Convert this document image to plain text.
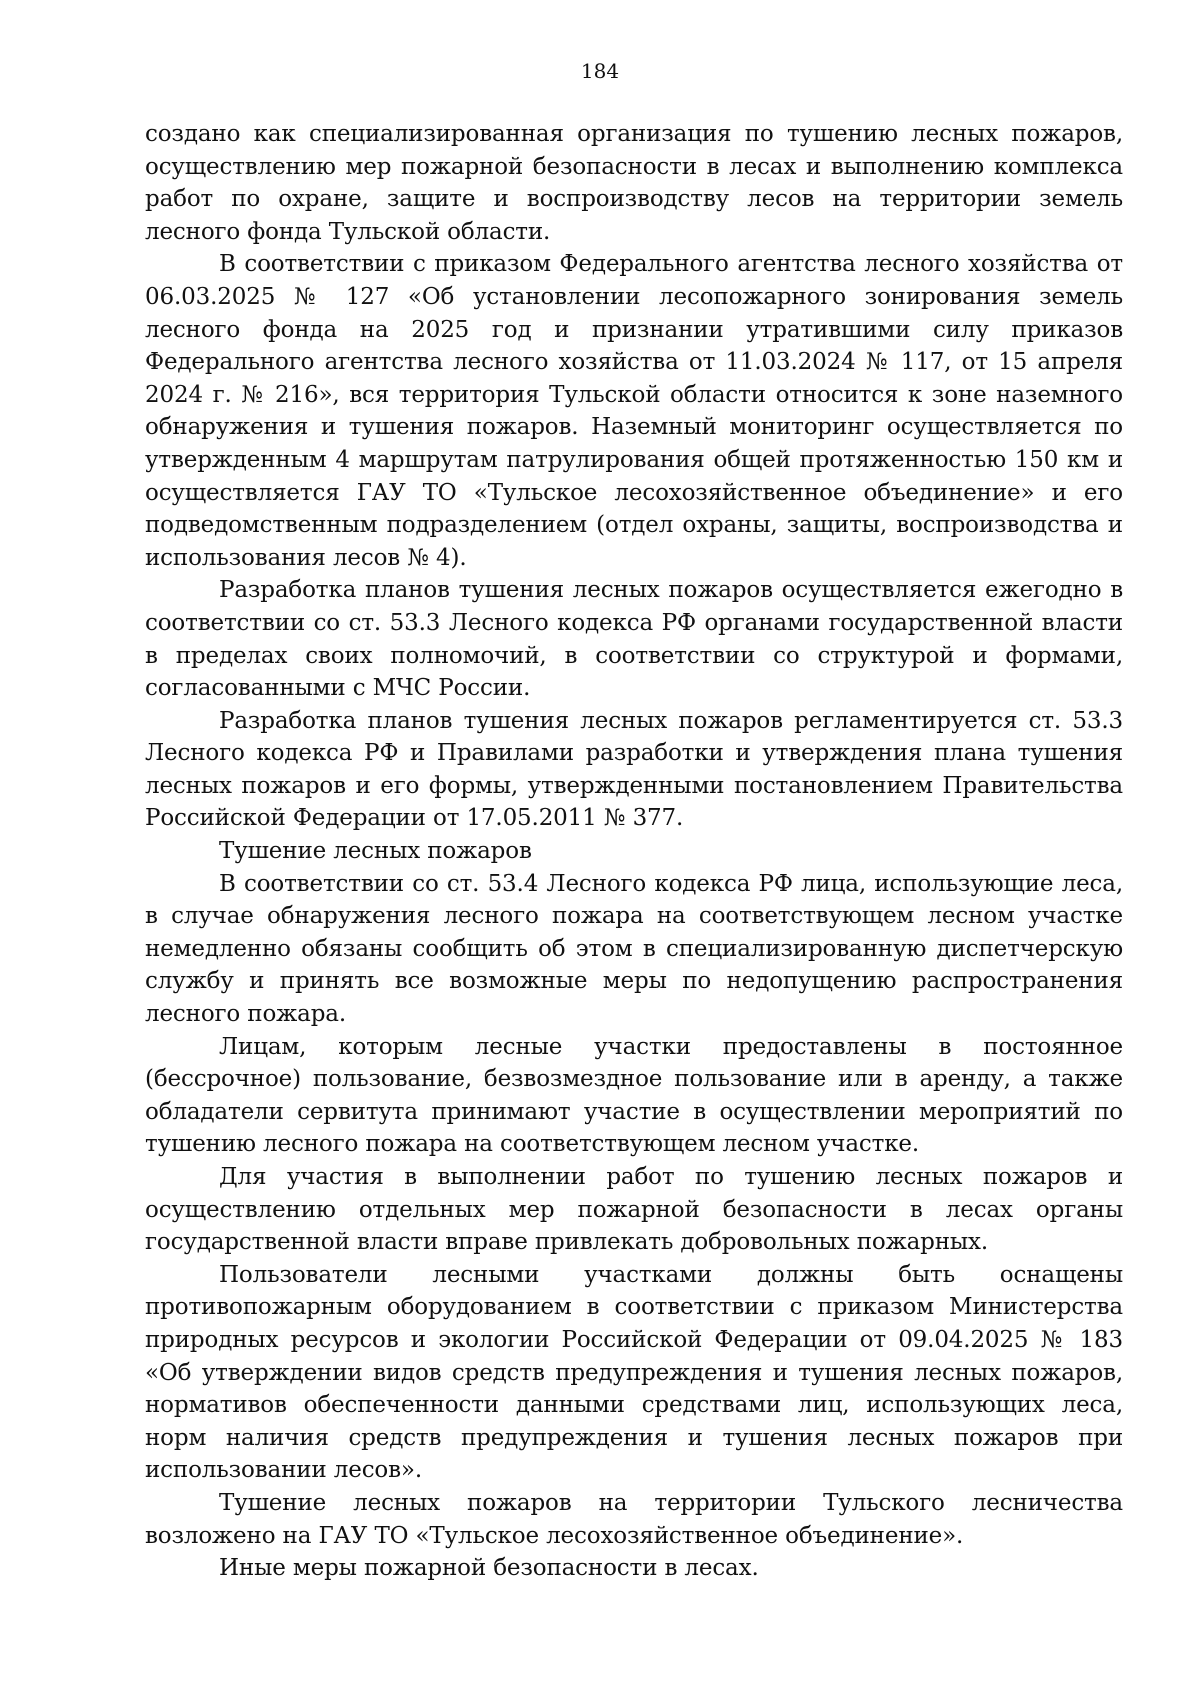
184

создано как специализированная организация по тушению лесных пожаров, осуществлению мер пожарной безопасности в лесах и выполнению комплекса работ по охране, защите и воспроизводству лесов на территории земель лесного фонда Тульской области.

В соответствии с приказом Федерального агентства лесного хозяйства от 06.03.2025 № 127 «Об установлении лесопожарного зонирования земель лесного фонда на 2025 год и признании утратившими силу приказов Федерального агентства лесного хозяйства от 11.03.2024 № 117, от 15 апреля 2024 г. № 216», вся территория Тульской области относится к зоне наземного обнаружения и тушения пожаров. Наземный мониторинг осуществляется по утвержденным 4 маршрутам патрулирования общей протяженностью 150 км и осуществляется ГАУ ТО «Тульское лесохозяйственное объединение» и его подведомственным подразделением (отдел охраны, защиты, воспроизводства и использования лесов № 4).

Разработка планов тушения лесных пожаров осуществляется ежегодно в соответствии со ст. 53.3 Лесного кодекса РФ органами государственной власти в пределах своих полномочий, в соответствии со структурой и формами, согласованными с МЧС России.

Разработка планов тушения лесных пожаров регламентируется ст. 53.3 Лесного кодекса РФ и Правилами разработки и утверждения плана тушения лесных пожаров и его формы, утвержденными постановлением Правительства Российской Федерации от 17.05.2011 № 377.

Тушение лесных пожаров

В соответствии со ст. 53.4 Лесного кодекса РФ лица, использующие леса, в случае обнаружения лесного пожара на соответствующем лесном участке немедленно обязаны сообщить об этом в специализированную диспетчерскую службу и принять все возможные меры по недопущению распространения лесного пожара.

Лицам, которым лесные участки предоставлены в постоянное (бессрочное) пользование, безвозмездное пользование или в аренду, а также обладатели сервитута принимают участие в осуществлении мероприятий по тушению лесного пожара на соответствующем лесном участке.

Для участия в выполнении работ по тушению лесных пожаров и осуществлению отдельных мер пожарной безопасности в лесах органы государственной власти вправе привлекать добровольных пожарных.

Пользователи лесными участками должны быть оснащены противопожарным оборудованием в соответствии с приказом Министерства природных ресурсов и экологии Российской Федерации от 09.04.2025 № 183 «Об утверждении видов средств предупреждения и тушения лесных пожаров, нормативов обеспеченности данными средствами лиц, использующих леса, норм наличия средств предупреждения и тушения лесных пожаров при использовании лесов».

Тушение лесных пожаров на территории Тульского лесничества возложено на ГАУ ТО «Тульское лесохозяйственное объединение».

Иные меры пожарной безопасности в лесах.
